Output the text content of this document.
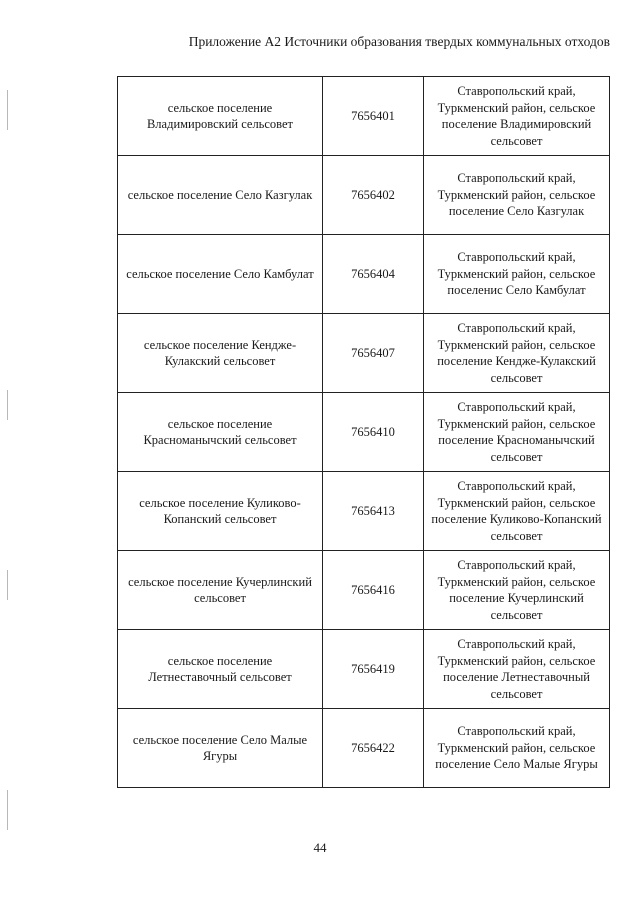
Приложение А2 Источники образования твердых коммунальных отходов
сельское поселение Владимировский сельсовет	7656401	Ставропольский край, Туркменский район, сельское поселение Владимировский сельсовет
сельское поселение Село Казгулак	7656402	Ставропольский край, Туркменский район, сельское поселение Село Казгулак
сельское поселение Село Камбулат	7656404	Ставропольский край, Туркменский район, сельское поселенис Село Камбулат
сельское поселение Кендже-Кулакский сельсовет	7656407	Ставропольский край, Туркменский район, сельское поселение Кендже-Кулакский сельсовет
сельское поселение Красноманычский сельсовет	7656410	Ставропольский край, Туркменский район, сельское поселение Красноманычский сельсовет
сельское поселение Куликово-Копанский сельсовет	7656413	Ставропольский край, Туркменский район, сельское поселение Куликово-Копанский сельсовет
сельское поселение Кучерлинский сельсовет	7656416	Ставропольский край, Туркменский район, сельское поселение Кучерлинский сельсовет
сельское поселение Летнеставочный сельсовет	7656419	Ставропольский край, Туркменский район, сельское поселение Летнеставочный сельсовет
сельское поселение Село Малые Ягуры	7656422	Ставропольский край, Туркменский район, сельское поселение Село Малые Ягуры
44
